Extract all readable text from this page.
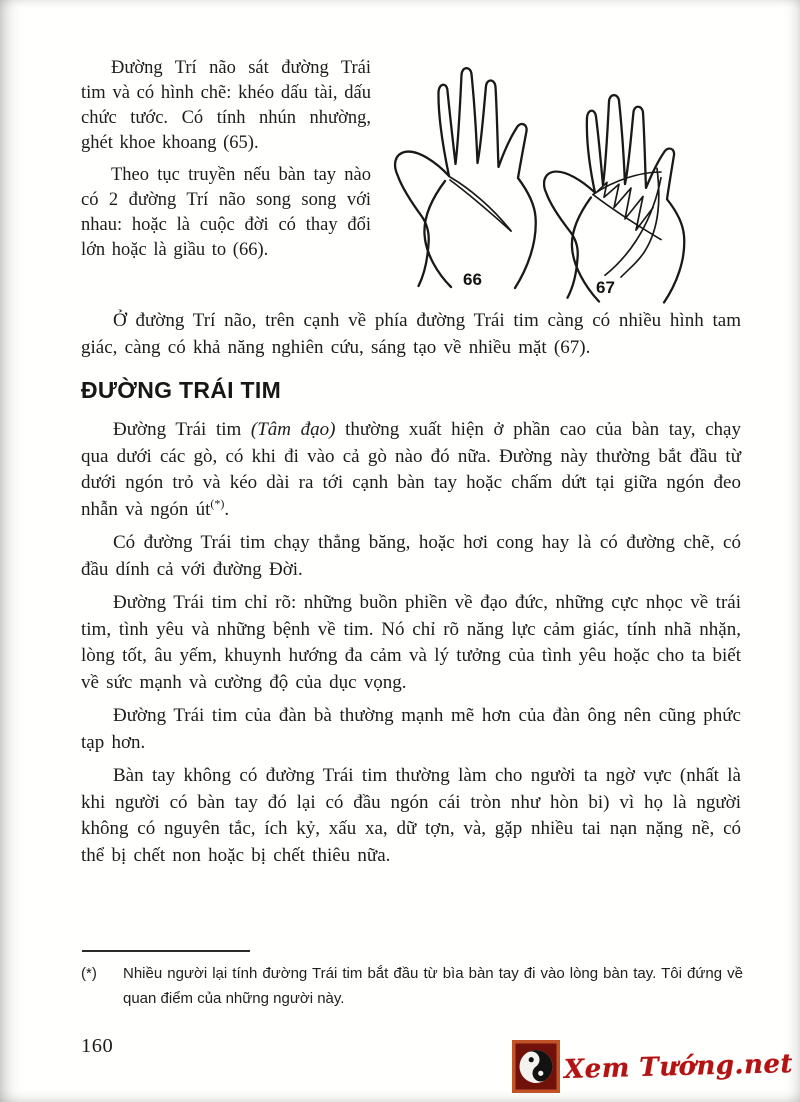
Đường Trí não sát đường Trái tim và có hình chẽ: khéo dấu tài, dấu chức tước. Có tính nhún nhường, ghét khoe khoang (65).

Theo tục truyền nếu bàn tay nào có 2 đường Trí não song song với nhau: hoặc là cuộc đời có thay đổi lớn hoặc là giầu to (66).

66	67

Ở đường Trí não, trên cạnh về phía đường Trái tim càng có nhiều hình tam giác, càng có khả năng nghiên cứu, sáng tạo về nhiều mặt (67).

ĐƯỜNG TRÁI TIM

Đường Trái tim (Tâm đạo) thường xuất hiện ở phần cao của bàn tay, chạy qua dưới các gò, có khi đi vào cả gò nào đó nữa. Đường này thường bắt đầu từ dưới ngón trỏ và kéo dài ra tới cạnh bàn tay hoặc chấm dứt tại giữa ngón đeo nhẫn và ngón út(*).

Có đường Trái tim chạy thẳng băng, hoặc hơi cong hay là có đường chẽ, có đầu dính cả với đường Đời.

Đường Trái tim chỉ rõ: những buồn phiền về đạo đức, những cực nhọc về trái tim, tình yêu và những bệnh về tim. Nó chỉ rõ năng lực cảm giác, tính nhã nhặn, lòng tốt, âu yếm, khuynh hướng đa cảm và lý tưởng của tình yêu hoặc cho ta biết về sức mạnh và cường độ của dục vọng.

Đường Trái tim của đàn bà thường mạnh mẽ hơn của đàn ông nên cũng phức tạp hơn.

Bàn tay không có đường Trái tim thường làm cho người ta ngờ vực (nhất là khi người có bàn tay đó lại có đầu ngón cái tròn như hòn bi) vì họ là người không có nguyên tắc, ích kỷ, xấu xa, dữ tợn, và, gặp nhiều tai nạn nặng nề, có thể bị chết non hoặc bị chết thiêu nữa.

(*)	Nhiều người lại tính đường Trái tim bắt đầu từ bìa bàn tay đi vào lòng bàn tay. Tôi đứng về quan điểm của những người này.
160
Xem Tướng.net
